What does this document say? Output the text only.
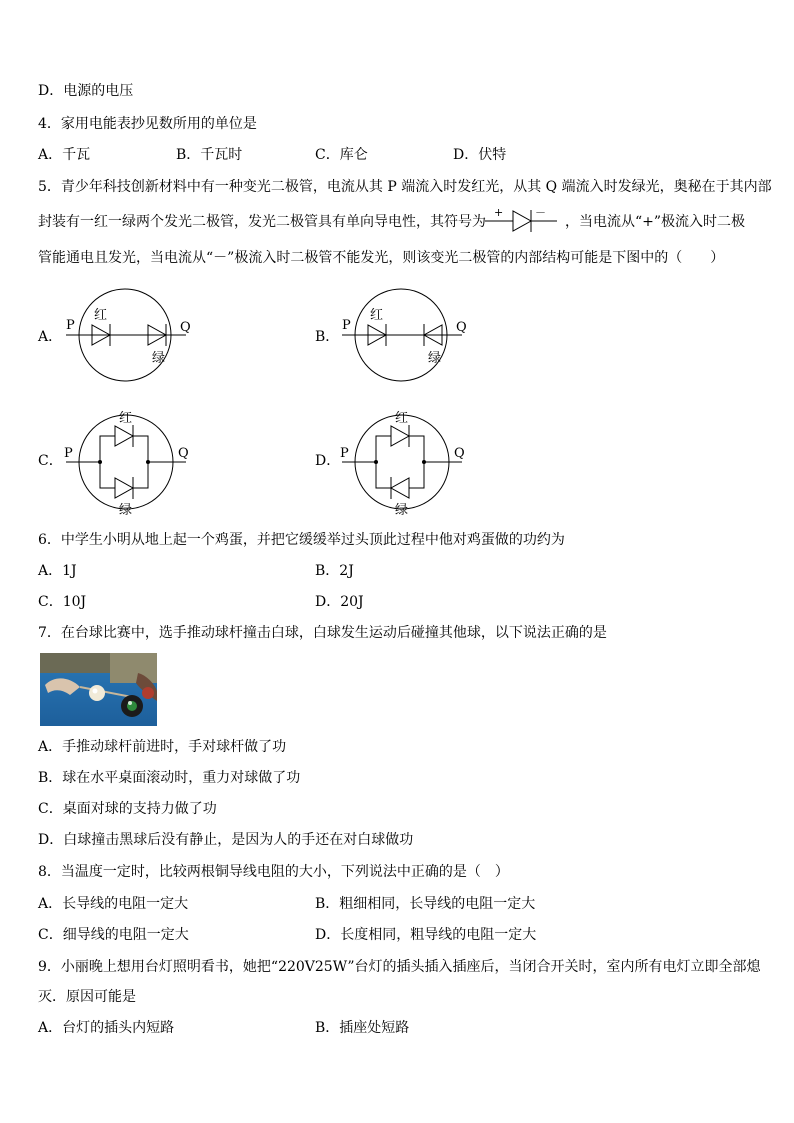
D．电源的电压
4．家用电能表抄见数所用的单位是
A．千瓦	B．千瓦时	C．库仑	D．伏特
5．青少年科技创新材料中有一种变光二极管，电流从其 P 端流入时发红光，从其 Q 端流入时发绿光，奥秘在于其内部
封装有一红一绿两个发光二极管，发光二极管具有单向导电性，其符号为
+	－
，当电流从“+”极流入时二极
管能通电且发光，当电流从“－”极流入时二极管不能发光，则该变光二极管的内部结构可能是下图中的（　　）
A．
P	Q
红
绿
B．
P	Q
红
绿
C． P	Q
红
绿
D． P	Q
红
绿
6．中学生小明从地上起一个鸡蛋，并把它缓缓举过头顶此过程中他对鸡蛋做的功约为
A．1J	B．2J
C．10J	D．20J
7．在台球比赛中，选手推动球杆撞击白球，白球发生运动后碰撞其他球，以下说法正确的是
A．手推动球杆前进时，手对球杆做了功
B．球在水平桌面滚动时，重力对球做了功
C．桌面对球的支持力做了功
D．白球撞击黑球后没有静止，是因为人的手还在对白球做功
8．当温度一定时，比较两根铜导线电阻的大小，下列说法中正确的是（　）
A．长导线的电阻一定大	B．粗细相同，长导线的电阻一定大
C．细导线的电阻一定大	D．长度相同，粗导线的电阻一定大
9．小丽晚上想用台灯照明看书，她把“220V25W”台灯的插头插入插座后，当闭合开关时，室内所有电灯立即全部熄
灭．原因可能是
A．台灯的插头内短路	B．插座处短路
